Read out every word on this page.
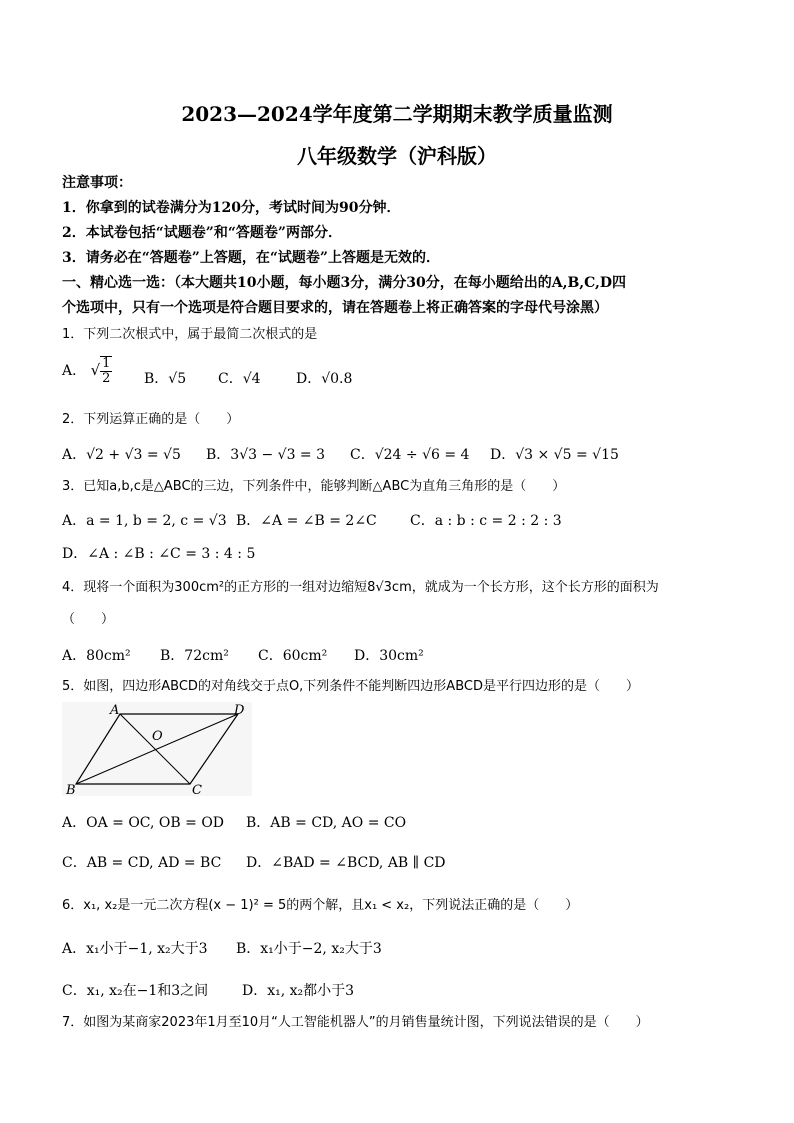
2023—2024学年度第二学期期末教学质量监测
八年级数学（沪科版）
注意事项：
1．你拿到的试卷满分为120分，考试时间为90分钟．
2．本试卷包括“试题卷”和“答题卷”两部分．
3．请务必在“答题卷”上答题，在“试题卷”上答题是无效的．
一、精心选一选：（本大题共10小题，每小题3分，满分30分，在每小题给出的A,B,C,D四
个选项中，只有一个选项是符合题目要求的，请在答题卷上将正确答案的字母代号涂黑）
1．下列二次根式中，属于最简二次根式的是
A． √ $\frac{1}{2}$ B．√5 C．√4	D．√0.8
2．下列运算正确的是（　　）
A．√2 + √3 = √5 B．3√3 − √3 = 3 C．√24 ÷ √6 = 4 D．√3 × √5 = √15
3．已知a,b,c是△ABC的三边，下列条件中，能够判断△ABC为直角三角形的是（　　）
A．a = 1, b = 2, c = √3 B．∠A = ∠B = 2∠C C．a : b : c = 2 : 2 : 3
D．∠A : ∠B : ∠C = 3 : 4 : 5
4．现将一个面积为300cm²的正方形的一组对边缩短8√3cm，就成为一个长方形，这个长方形的面积为
（　　）
A．80cm² B．72cm² C．60cm² D．30cm²
5．如图，四边形ABCD的对角线交于点O,下列条件不能判断四边形ABCD是平行四边形的是（　　）
A	D
O
B	C
A．OA = OC, OB = OD B．AB = CD, AO = CO
C．AB = CD, AD = BC D．∠BAD = ∠BCD, AB ∥ CD
6．x₁, x₂是一元二次方程(x − 1)² = 5的两个解，且x₁ < x₂，下列说法正确的是（　　）
A．x₁小于−1, x₂大于3 B．x₁小于−2, x₂大于3
C．x₁, x₂在−1和3之间 D．x₁, x₂都小于3
7．如图为某商家2023年1月至10月“人工智能机器人”的月销售量统计图，下列说法错误的是（　　）
